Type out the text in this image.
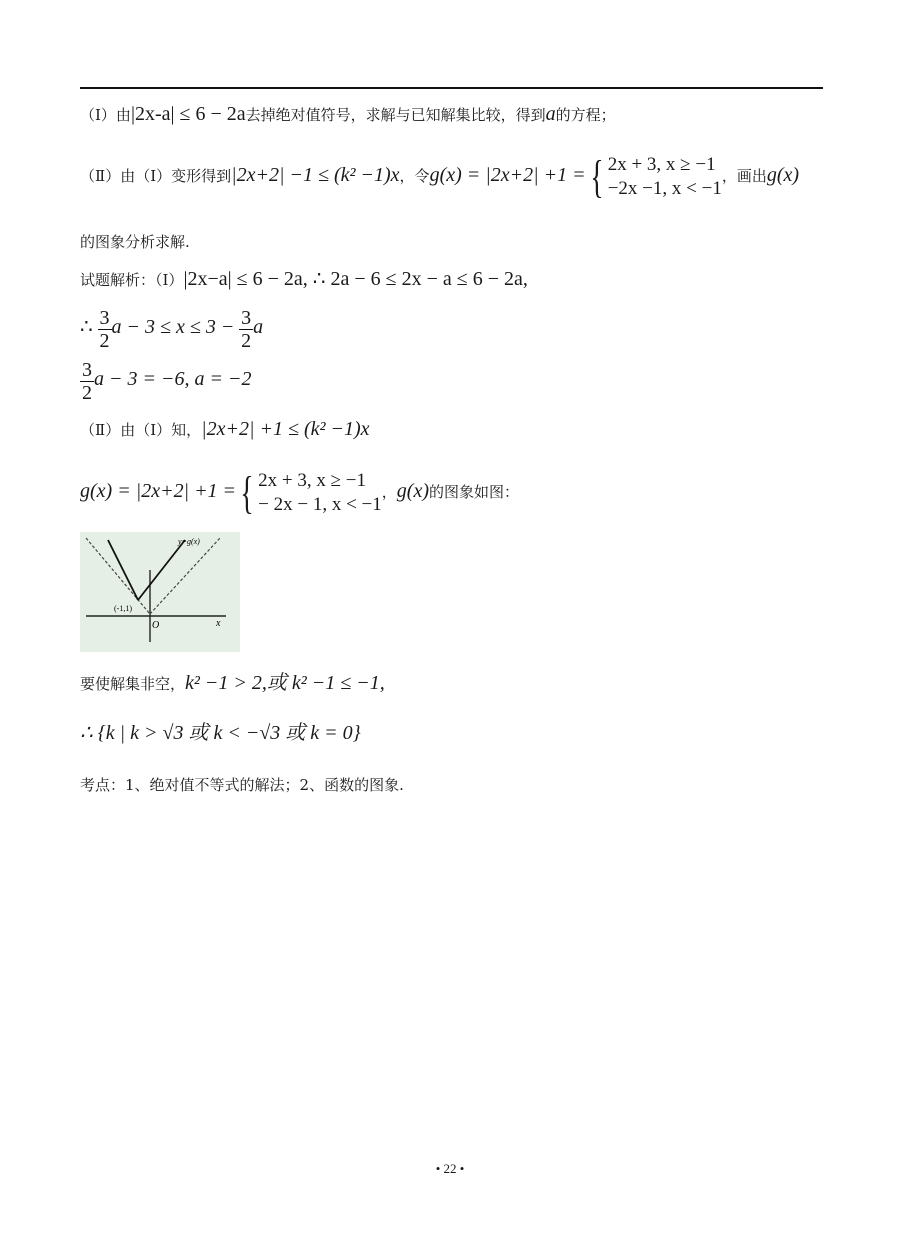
（Ⅰ）由|2x-a| ≤ 6 − 2a去掉绝对值符号，求解与已知解集比较，得到a的方程；
（Ⅱ）由（Ⅰ）变形得到|2x+2| −1 ≤ (k² −1)x，令g(x) = |2x+2| +1 ={ 2x + 3, x ≥ −1
−2x −1, x < −1
，画出g(x)
的图象分析求解.
试题解析：（Ⅰ）|2x−a| ≤ 6 − 2a, ∴ 2a − 6 ≤ 2x − a ≤ 6 − 2a,
∴ $\frac{3}{2}$ $a - 3 \le x \le 3 - \frac{3}{2}$ a
$\frac{3}{2}$ a − 3 = −6, a = −2
（Ⅱ）由（Ⅰ）知，|2x+2| +1 ≤ (k² −1)x
g(x) = |2x+2| +1 ={ 2x + 3, x ≥ −1
− 2x − 1, x < −1
，g(x)的图象如图：
y=g(x)
(-1,1)
O	x
要使解集非空，k² −1 > 2,或 k² −1 ≤ −1,
∴ {k | k > √3 或 k < −√3 或 k = 0}
考点：1、绝对值不等式的解法；2、函数的图象.
• 22 •
